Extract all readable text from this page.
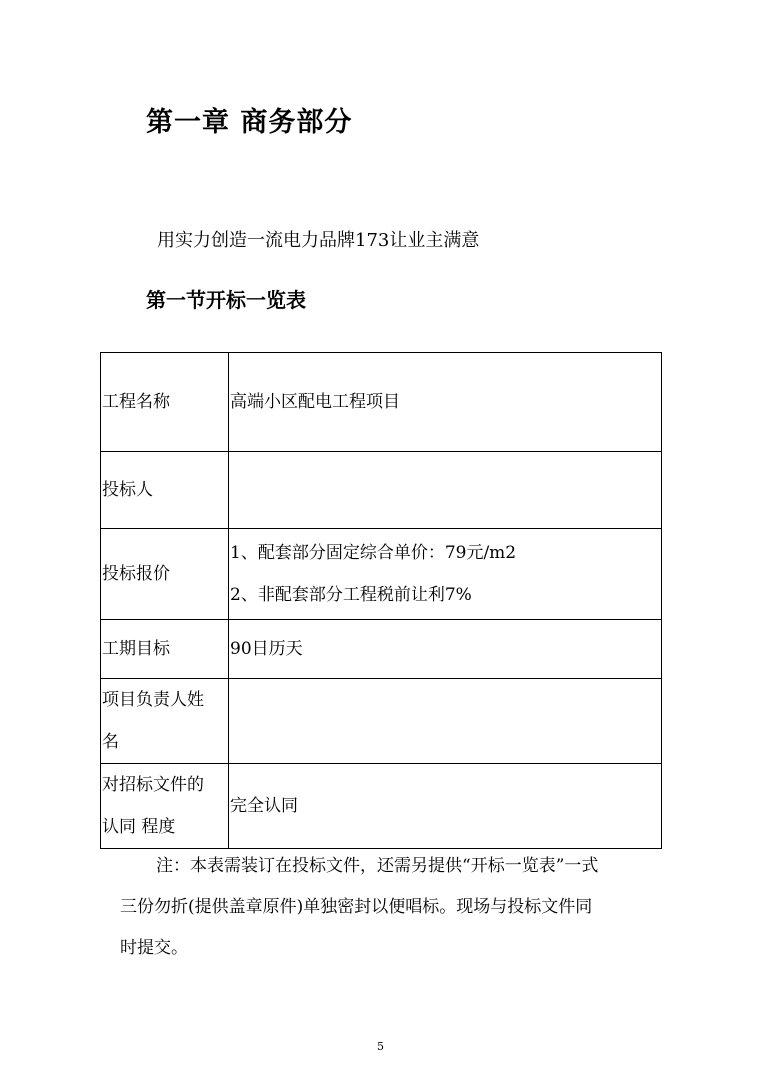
第一章 商务部分
用实力创造一流电力品牌173让业主满意
第一节开标一览表
工程名称	高端小区配电工程项目

投标人	
投标报价	1、配套部分固定综合单价：79元/m2
2、非配套部分工程税前让利7%

工期目标	90日历天

项目负责人姓
名	

对招标文件的
认同 程度	完全认同
注：本表需装订在投标文件，还需另提供“开标一览表”一式
三份勿折(提供盖章原件)单独密封以便唱标。现场与投标文件同
时提交。
5
